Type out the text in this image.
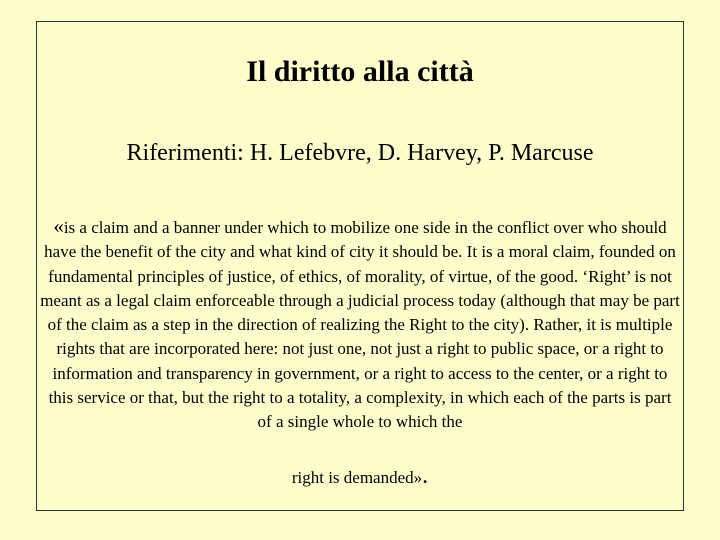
Il diritto alla città

Riferimenti: H. Lefebvre, D. Harvey, P. Marcuse

«is a claim and a banner under which to mobilize one side in the conflict over who should have the benefit of the city and what kind of city it should be. It is a moral claim, founded on fundamental principles of justice, of ethics, of morality, of virtue, of the good. ‘Right’ is not meant as a legal claim enforceable through a judicial process today (although that may be part of the claim as a step in the direction of realizing the Right to the city). Rather, it is multiple rights that are incorporated here: not just one, not just a right to public space, or a right to information and transparency in government, or a right to access to the center, or a right to this service or that, but the right to a totality, a complexity, in which each of the parts is part of a single whole to which the

right is demanded».
